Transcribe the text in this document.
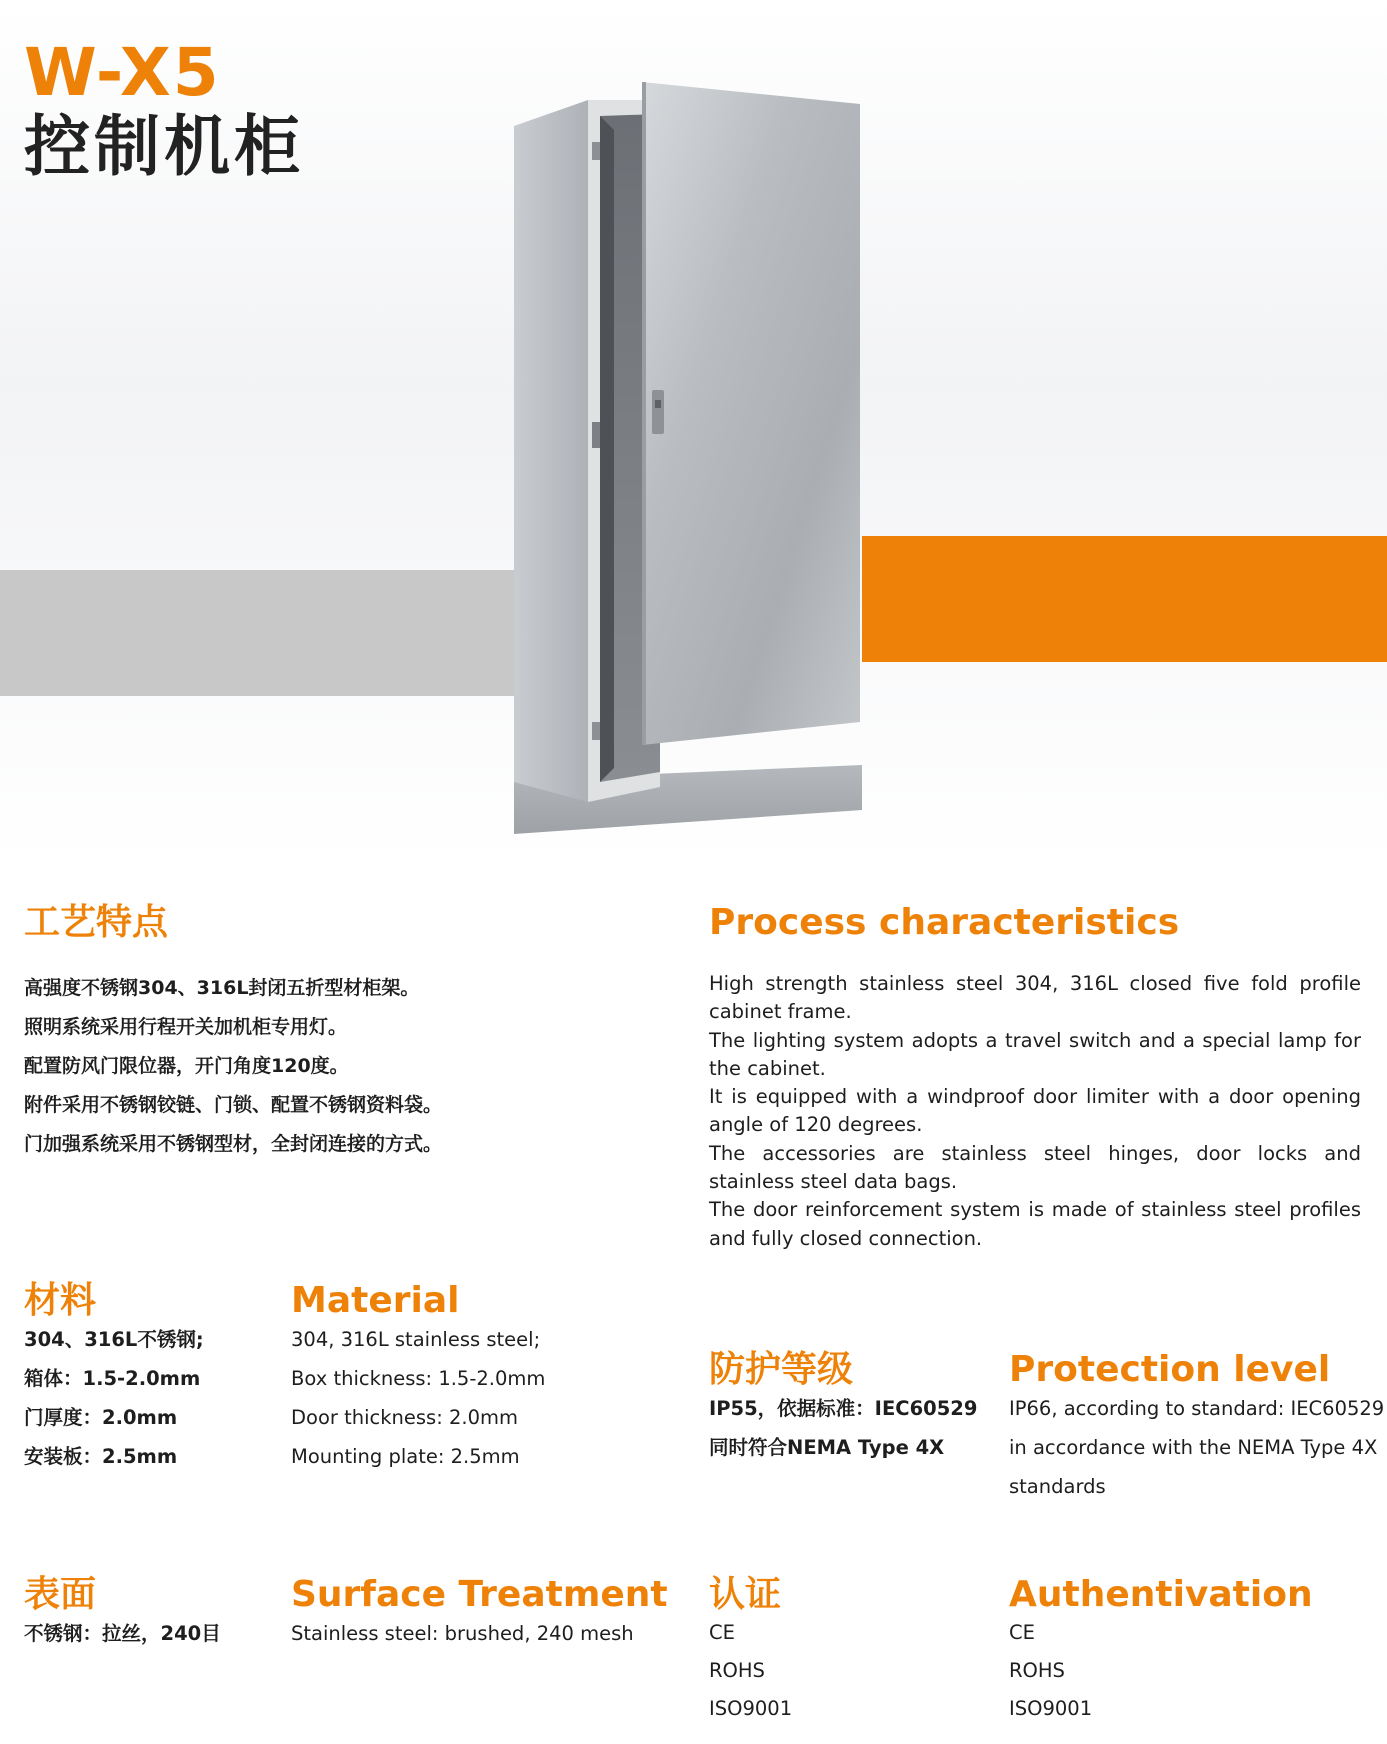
W-X5
控制机柜
工艺特点
高强度不锈钢304、316L封闭五折型材柜架。
照明系统采用行程开关加机柜专用灯。
配置防风门限位器，开门角度120度。
附件采用不锈钢铰链、门锁、配置不锈钢资料袋。
门加强系统采用不锈钢型材，全封闭连接的方式。
Process characteristics

High strength stainless steel 304, 316L closed five fold profile cabinet frame.

The lighting system adopts a travel switch and a special lamp for the cabinet.

It is equipped with a windproof door limiter with a door opening angle of 120 degrees.

The accessories are stainless steel hinges, door locks and stainless steel data bags.

The door reinforcement system is made of stainless steel profiles and fully closed connection.

材料
304、316L不锈钢;
箱体：1.5-2.0mm
门厚度：2.0mm
安装板：2.5mm
Material
304, 316L stainless steel;
Box thickness: 1.5-2.0mm
Door thickness: 2.0mm
Mounting plate: 2.5mm
防护等级
IP55，依据标准：IEC60529
同时符合NEMA Type 4X
Protection level
IP66, according to standard: IEC60529
in accordance with the NEMA Type 4X
standards
表面
不锈钢：拉丝，240目
Surface Treatment
Stainless steel: brushed, 240 mesh
认证
CE
ROHS
ISO9001
Authentivation
CE
ROHS
ISO9001
